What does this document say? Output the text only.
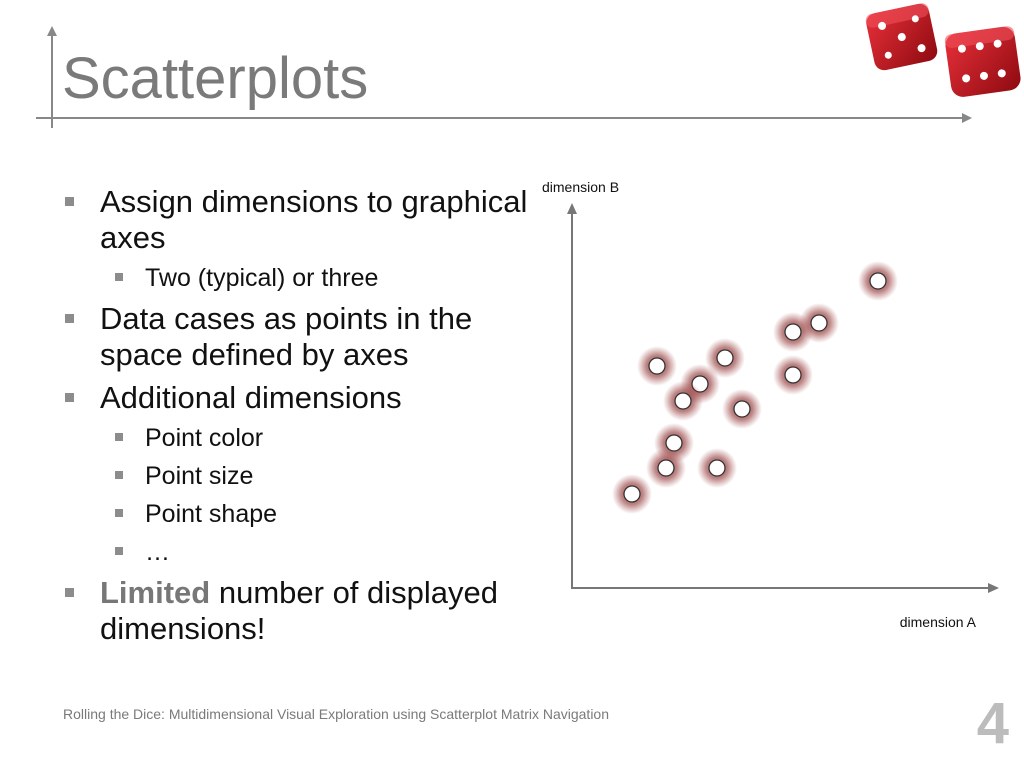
Scatterplots
Assign dimensions to graphical axes
Two (typical) or three
Data cases as points in the space defined by axes
Additional dimensions
Point color
Point size
Point shape
…
Limited number of displayed dimensions!
dimension B
dimension A
Rolling the Dice: Multidimensional Visual Exploration using Scatterplot Matrix Navigation	4
